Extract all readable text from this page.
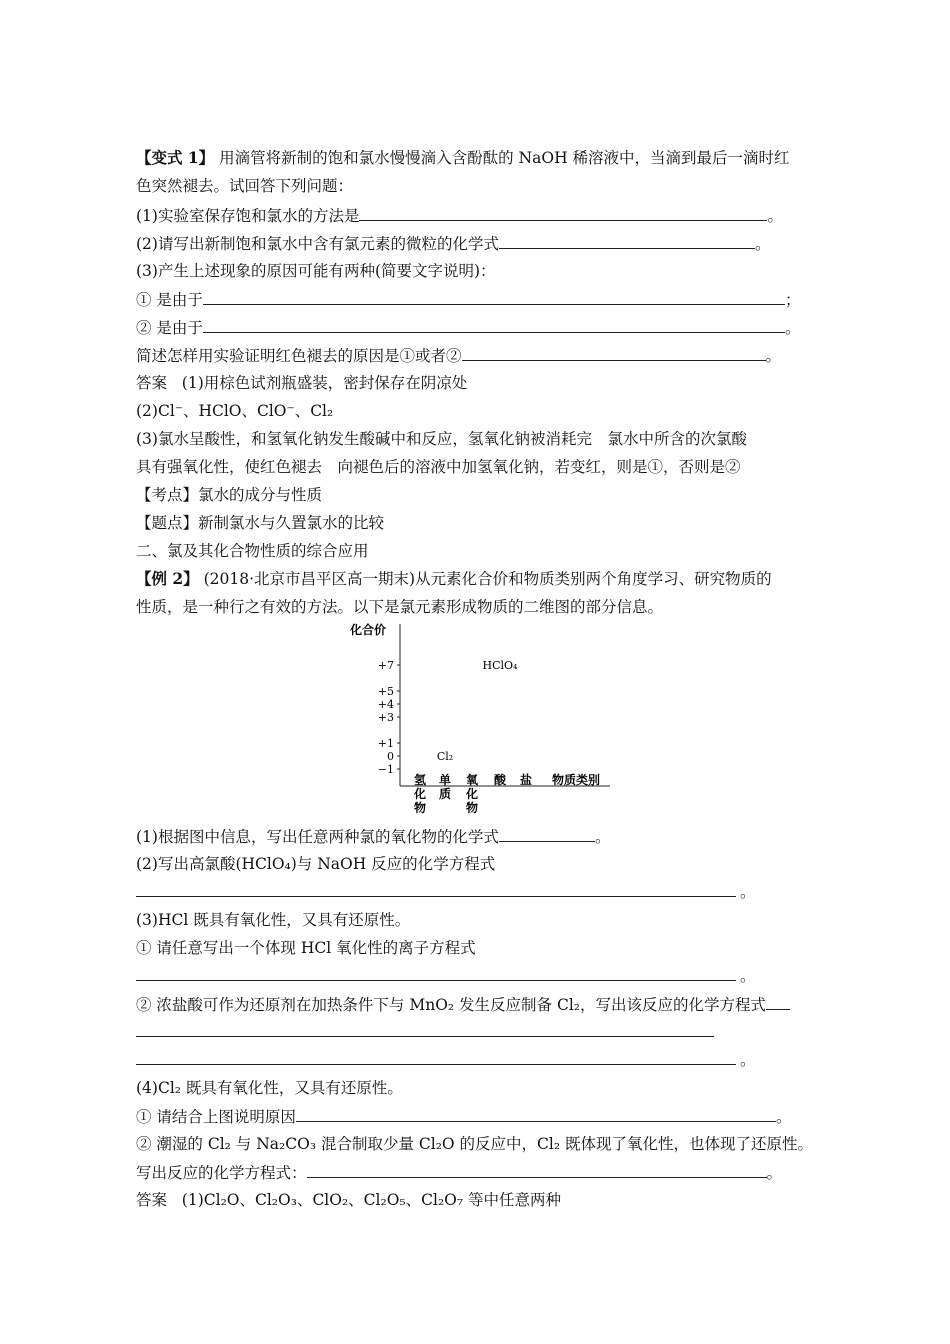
【变式 1】 用滴管将新制的饱和氯水慢慢滴入含酚酞的 NaOH 稀溶液中，当滴到最后一滴时红
色突然褪去。试回答下列问题：
(1)实验室保存饱和氯水的方法是	。
(2)请写出新制饱和氯水中含有氯元素的微粒的化学式	。
(3)产生上述现象的原因可能有两种(简要文字说明)：
① 是由于	；
② 是由于	。
简述怎样用实验证明红色褪去的原因是①或者②	。
答案 (1)用棕色试剂瓶盛装，密封保存在阴凉处
(2)Cl⁻、HClO、ClO⁻、Cl₂
(3)氯水呈酸性，和氢氧化钠发生酸碱中和反应，氢氧化钠被消耗完　氯水中所含的次氯酸
具有强氧化性，使红色褪去　向褪色后的溶液中加氢氧化钠，若变红，则是①，否则是②
【考点】氯水的成分与性质
【题点】新制氯水与久置氯水的比较
二、氯及其化合物性质的综合应用
【例 2】 (2018·北京市昌平区高一期末)从元素化合价和物质类别两个角度学习、研究物质的
性质，是一种行之有效的方法。以下是氯元素形成物质的二维图的部分信息。
化合价
+7
+5
+4
+3
+1
0
−1
氢
化
物
单
质
氧
化
物
酸 盐 物质类别
HClO₄
Cl₂
(1)根据图中信息，写出任意两种氯的氧化物的化学式	。
(2)写出高氯酸(HClO₄)与 NaOH 反应的化学方程式
。
(3)HCl 既具有氧化性，又具有还原性。
① 请任意写出一个体现 HCl 氧化性的离子方程式
。
② 浓盐酸可作为还原剂在加热条件下与 MnO₂ 发生反应制备 Cl₂，写出该反应的化学方程式
。
(4)Cl₂ 既具有氧化性，又具有还原性。
① 请结合上图说明原因	。
② 潮湿的 Cl₂ 与 Na₂CO₃ 混合制取少量 Cl₂O 的反应中，Cl₂ 既体现了氧化性，也体现了还原性。
写出反应的化学方程式：	。
答案 (1)Cl₂O、Cl₂O₃、ClO₂、Cl₂O₅、Cl₂O₇ 等中任意两种
